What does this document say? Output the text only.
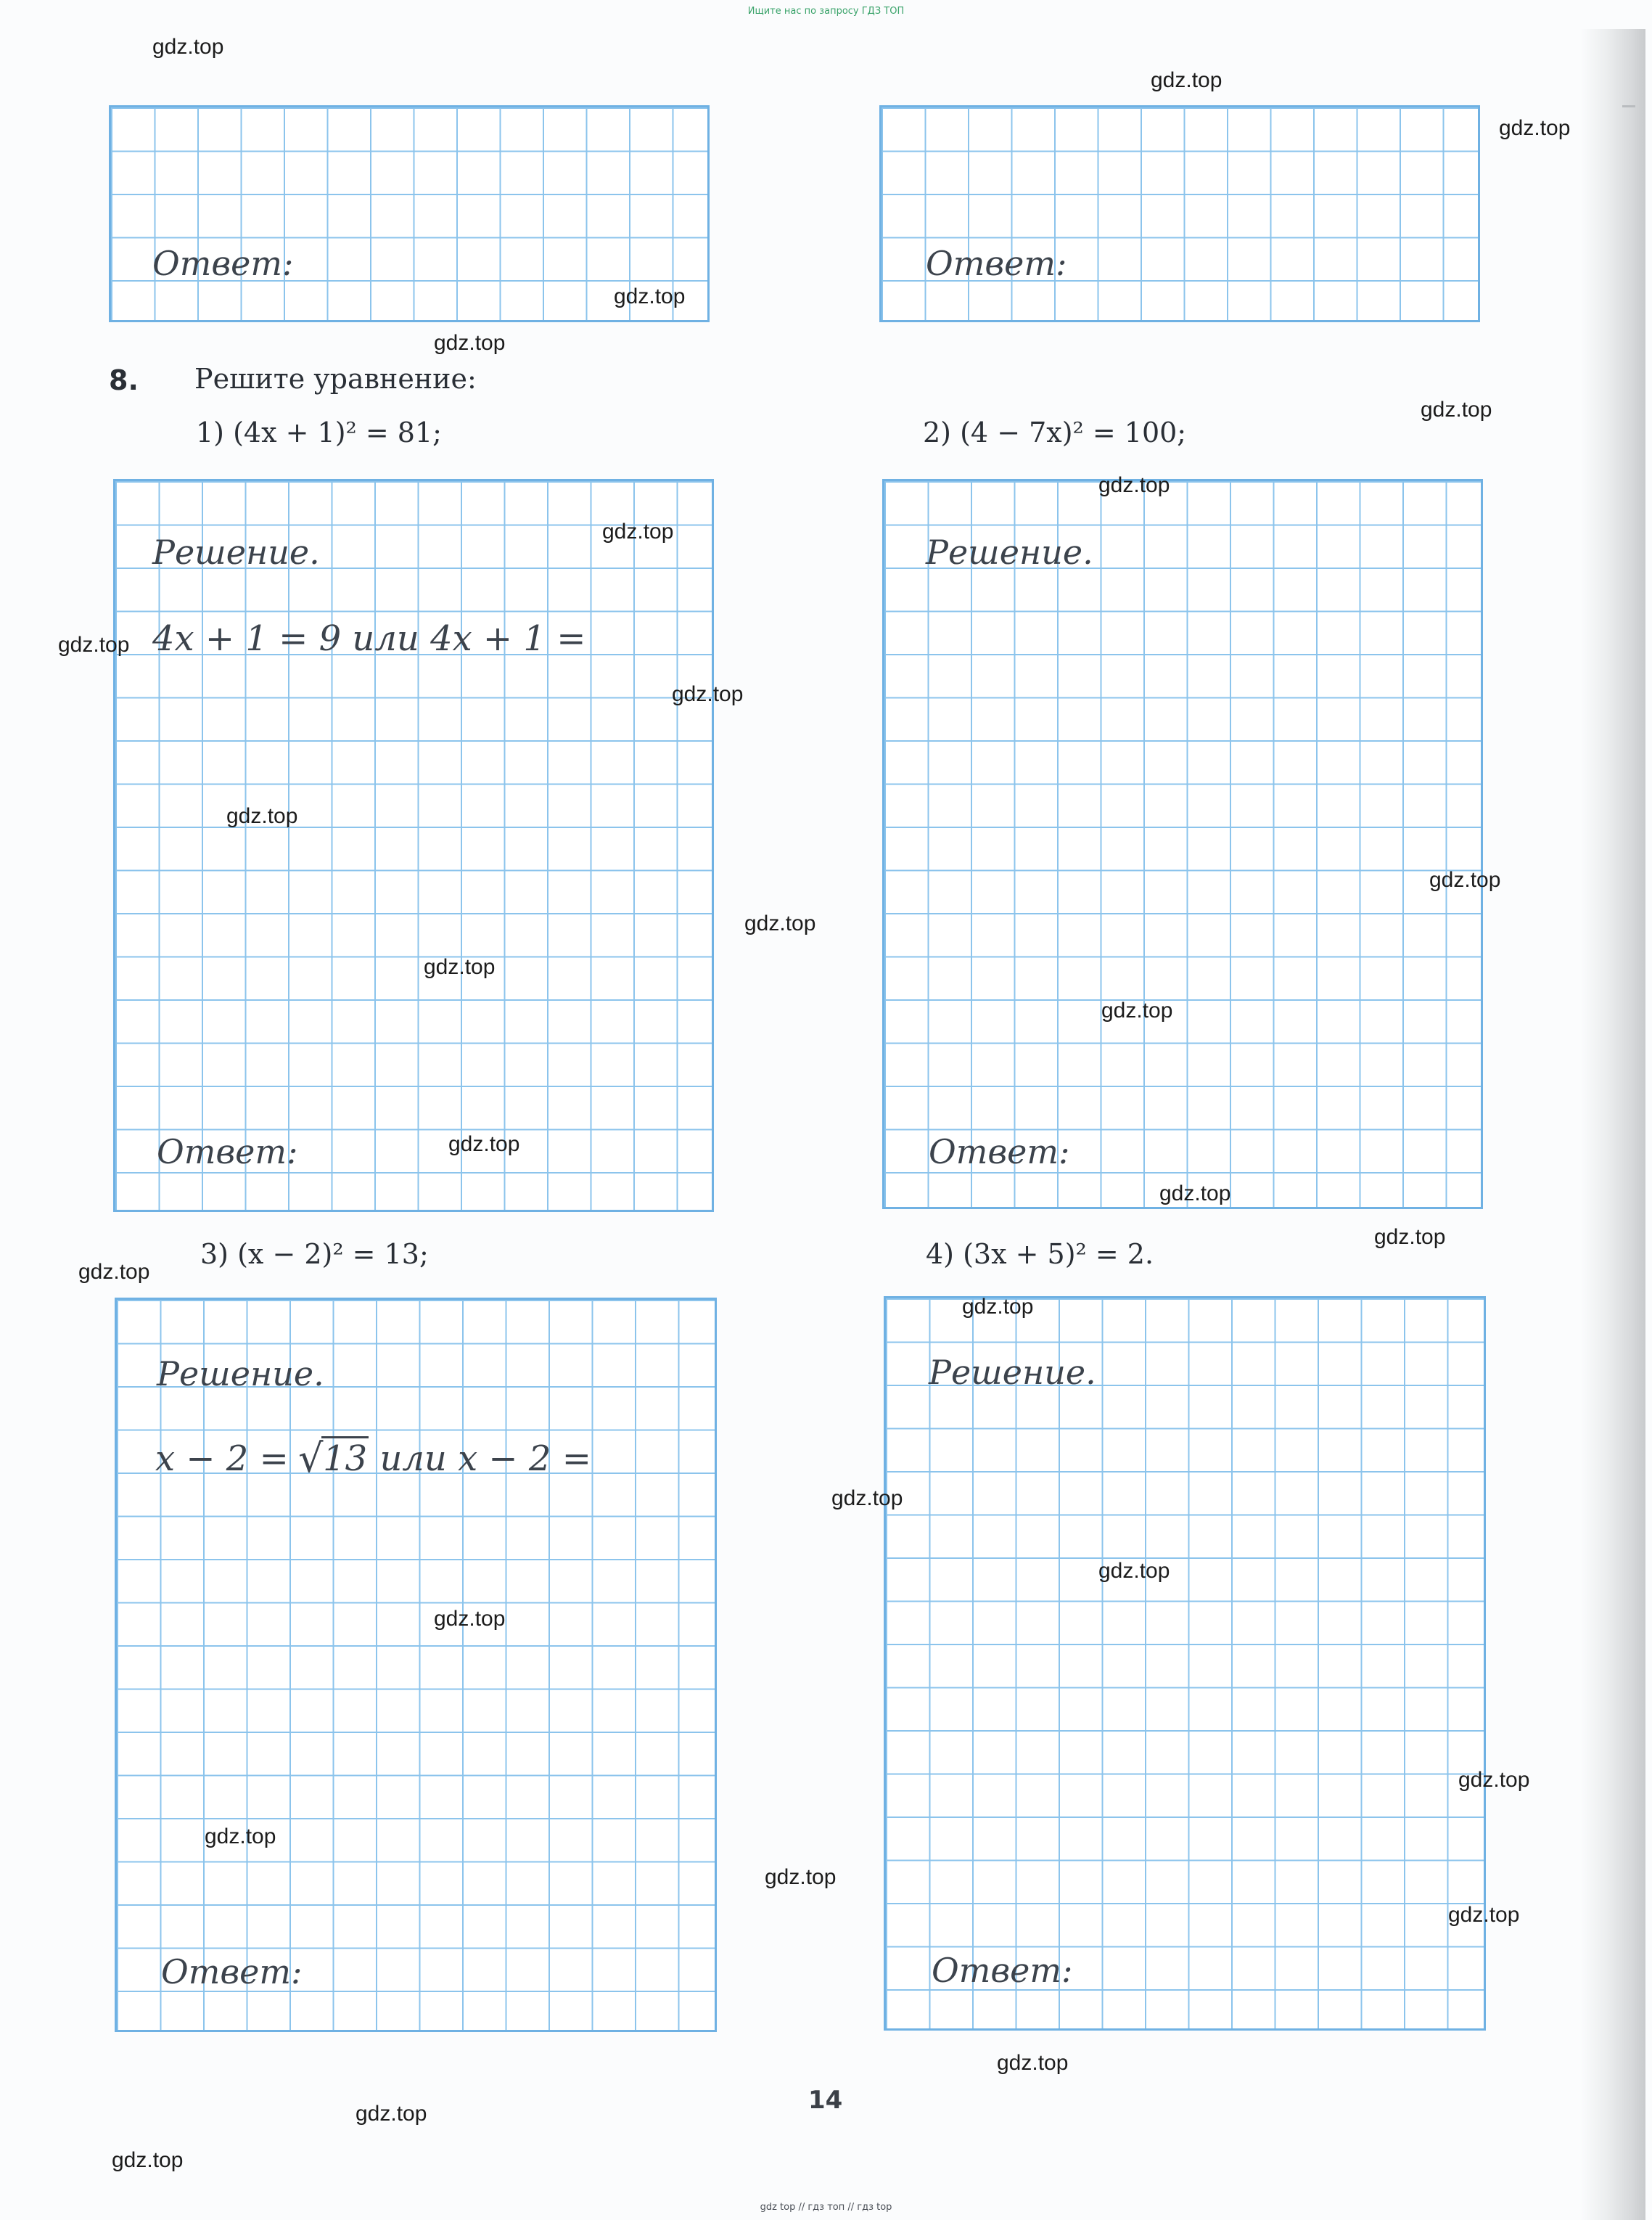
Ищите нас по запросу ГДЗ ТОП
Ответ:	Ответ:
8. Решите уравнение:
1) (4x + 1)² = 81;	2) (4 − 7x)² = 100;
Решение.
4x + 1 = 9 или 4x + 1 =
Ответ:
Решение.
Ответ:
3) (x − 2)² = 13;	4) (3x + 5)² = 2.
Решение.
x − 2 = √ 13 или x − 2 =
Ответ:
Решение.
Ответ:
14
gdz.top
gdz.top
gdz.top
gdz.top
gdz.top
gdz.top
gdz.top
gdz.top
gdz.top
gdz.top
gdz.top
gdz.top
gdz.top
gdz.top
gdz.top
gdz.top
gdz.top
gdz.top
gdz.top
gdz.top
gdz.top
gdz.top
gdz.top
gdz.top
gdz.top
gdz.top
gdz.top
gdz.top
gdz.top
gdz.top
gdz top // гдз топ // гдз top
